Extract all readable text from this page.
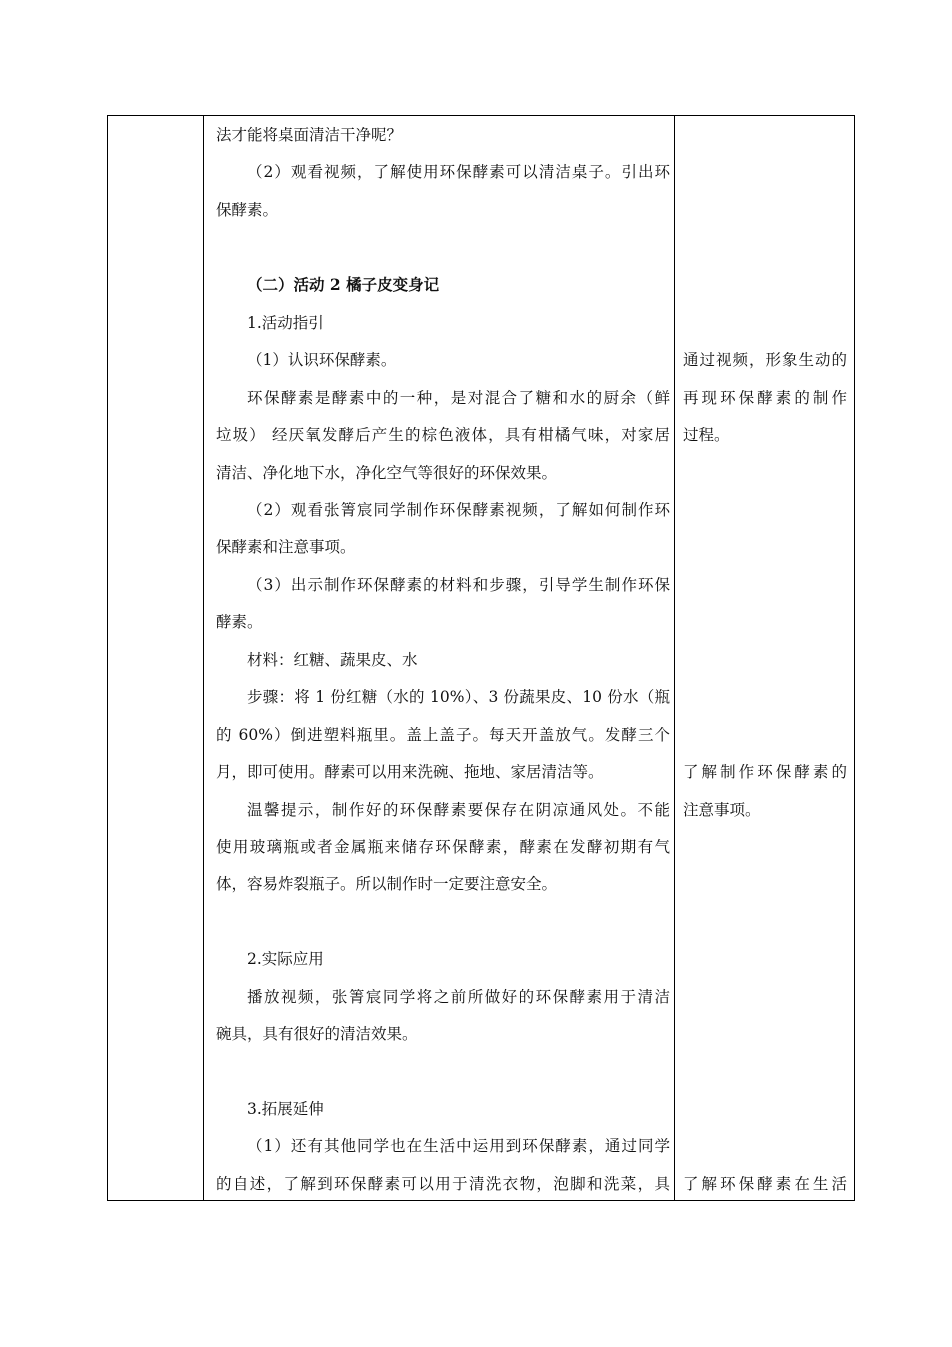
法才能将桌面清洁干净呢？
（2）观看视频，了解使用环保酵素可以清洁桌子。引出环
保酵素。
（二）活动 2 橘子皮变身记
1.活动指引
（1）认识环保酵素。
环保酵素是酵素中的一种，是对混合了糖和水的厨余（鲜
垃圾） 经厌氧发酵后产生的棕色液体，具有柑橘气味，对家居
清洁、净化地下水，净化空气等很好的环保效果。
（2）观看张箐宸同学制作环保酵素视频，了解如何制作环
保酵素和注意事项。
（3）出示制作环保酵素的材料和步骤，引导学生制作环保
酵素。
材料：红糖、蔬果皮、水
步骤：将 1 份红糖（水的 10%）、3 份蔬果皮、10 份水（瓶
的 60%）倒进塑料瓶里。盖上盖子。每天开盖放气。发酵三个
月，即可使用。酵素可以用来洗碗、拖地、家居清洁等。
温馨提示，制作好的环保酵素要保存在阴凉通风处。不能
使用玻璃瓶或者金属瓶来储存环保酵素，酵素在发酵初期有气
体，容易炸裂瓶子。所以制作时一定要注意安全。
2.实际应用
播放视频，张箐宸同学将之前所做好的环保酵素用于清洁
碗具，具有很好的清洁效果。
3.拓展延伸
（1）还有其他同学也在生活中运用到环保酵素，通过同学
的自述，了解到环保酵素可以用于清洗衣物，泡脚和洗菜，具
通过视频，形象生动的
再现环保酵素的制作
过程。
了解制作环保酵素的
注意事项。
了解环保酵素在生活
